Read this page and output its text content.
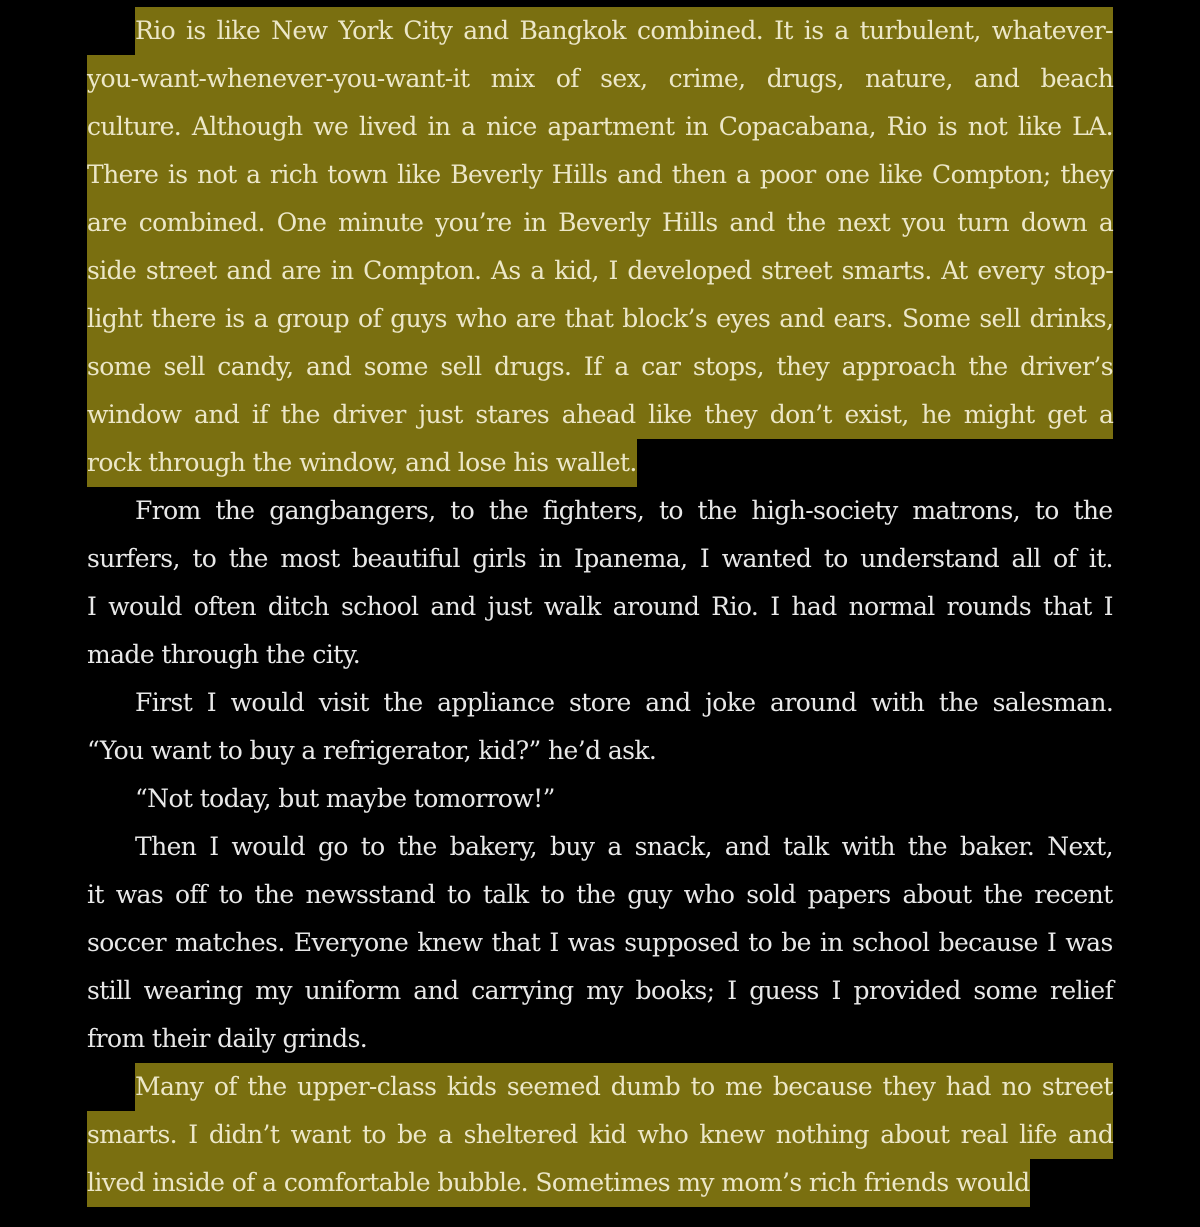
Rio is like New York City and Bangkok combined. It is a turbulent, whatever-
you-want-whenever-you-want-it mix of sex, crime, drugs, nature, and beach
culture. Although we lived in a nice apartment in Copacabana, Rio is not like LA.
There is not a rich town like Beverly Hills and then a poor one like Compton; they
are combined. One minute you’re in Beverly Hills and the next you turn down a
side street and are in Compton. As a kid, I developed street smarts. At every stop-
light there is a group of guys who are that block’s eyes and ears. Some sell drinks,
some sell candy, and some sell drugs. If a car stops, they approach the driver’s
window and if the driver just stares ahead like they don’t exist, he might get a
rock through the window, and lose his wallet.
From the gangbangers, to the fighters, to the high-society matrons, to the
surfers, to the most beautiful girls in Ipanema, I wanted to understand all of it.
I would often ditch school and just walk around Rio. I had normal rounds that I
made through the city.
First I would visit the appliance store and joke around with the salesman.
“You want to buy a refrigerator, kid?” he’d ask.
“Not today, but maybe tomorrow!”
Then I would go to the bakery, buy a snack, and talk with the baker. Next,
it was off to the newsstand to talk to the guy who sold papers about the recent
soccer matches. Everyone knew that I was supposed to be in school because I was
still wearing my uniform and carrying my books; I guess I provided some relief
from their daily grinds.
Many of the upper-class kids seemed dumb to me because they had no street
smarts. I didn’t want to be a sheltered kid who knew nothing about real life and
lived inside of a comfortable bubble. Sometimes my mom’s rich friends would
